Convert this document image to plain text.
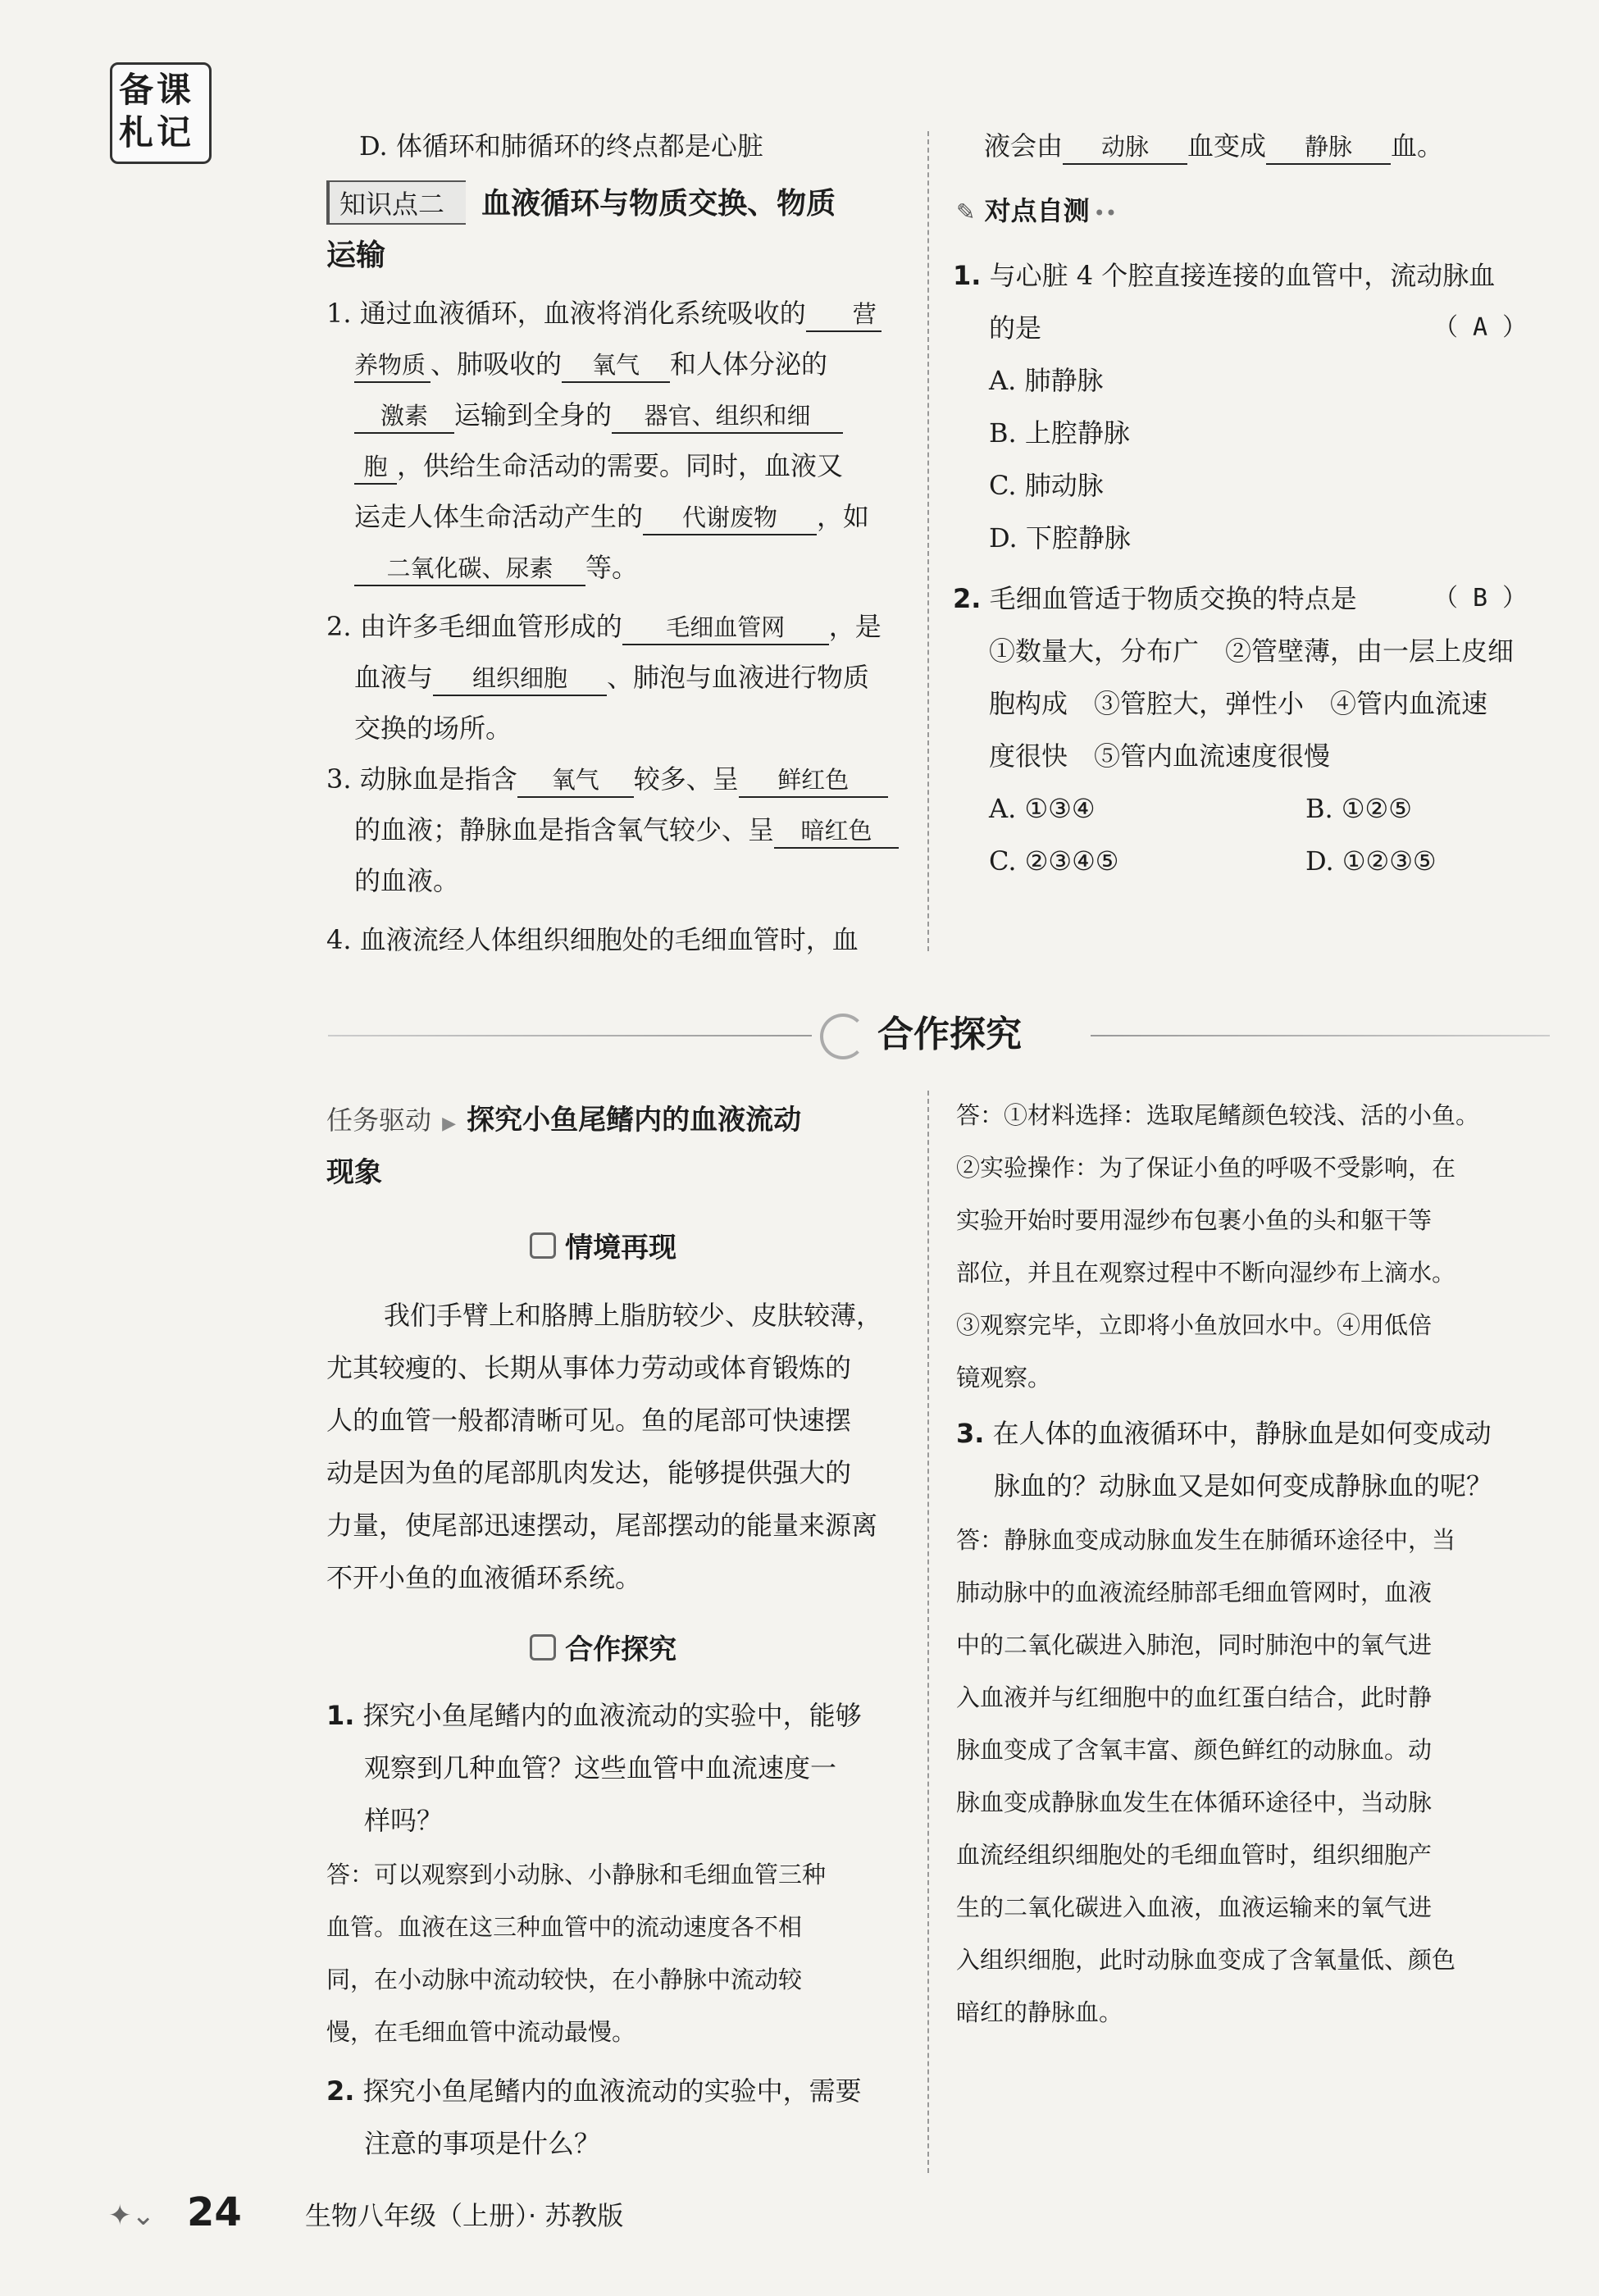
备课
札记	D. 体循环和肺循环的终点都是心脏
知识点二 血液循环与物质交换、物质
运输
1. 通过血液循环，血液将消化系统吸收的 营
养物质 、肺吸收的 氧气 和人体分泌的
激素 运输到全身的 器官、组织和细
胞 ，供给生命活动的需要。同时，血液又
运走人体生命活动产生的 代谢废物 ，如
二氧化碳、尿素 等。
2. 由许多毛细血管形成的 毛细血管网 ，是
血液与 组织细胞 、肺泡与血液进行物质
交换的场所。
3. 动脉血是指含 氧气 较多、呈 鲜红色
的血液；静脉血是指含氧气较少、呈 暗红色
的血液。
4. 血液流经人体组织细胞处的毛细血管时，血
液会由 动脉 血变成 静脉 血。
✎ 对点自测 ••
1. 与心脏 4 个腔直接连接的血管中，流动脉血
的是	（ A ）
A. 肺静脉
B. 上腔静脉
C. 肺动脉
D. 下腔静脉
2. 毛细血管适于物质交换的特点是	（ B ）
①数量大，分布广　②管壁薄，由一层上皮细
胞构成　③管腔大，弹性小　④管内血流速
度很快　⑤管内血流速度很慢
A. ①③④	B. ①②⑤
C. ②③④⑤	D. ①②③⑤
合作探究
任务驱动 ▶ 探究小鱼尾鳍内的血液流动
现象
情境再现
我们手臂上和胳膊上脂肪较少、皮肤较薄，
尤其较瘦的、长期从事体力劳动或体育锻炼的
人的血管一般都清晰可见。鱼的尾部可快速摆
动是因为鱼的尾部肌肉发达，能够提供强大的
力量，使尾部迅速摆动，尾部摆动的能量来源离
不开小鱼的血液循环系统。
合作探究
1. 探究小鱼尾鳍内的血液流动的实验中，能够
观察到几种血管？这些血管中血流速度一
样吗？
答：可以观察到小动脉、小静脉和毛细血管三种
血管。血液在这三种血管中的流动速度各不相
同，在小动脉中流动较快，在小静脉中流动较
慢，在毛细血管中流动最慢。
2. 探究小鱼尾鳍内的血液流动的实验中，需要
注意的事项是什么？
答：①材料选择：选取尾鳍颜色较浅、活的小鱼。
②实验操作：为了保证小鱼的呼吸不受影响，在
实验开始时要用湿纱布包裹小鱼的头和躯干等
部位，并且在观察过程中不断向湿纱布上滴水。
③观察完毕，立即将小鱼放回水中。④用低倍
镜观察。
3. 在人体的血液循环中，静脉血是如何变成动
脉血的？动脉血又是如何变成静脉血的呢？
答：静脉血变成动脉血发生在肺循环途径中，当
肺动脉中的血液流经肺部毛细血管网时，血液
中的二氧化碳进入肺泡，同时肺泡中的氧气进
入血液并与红细胞中的血红蛋白结合，此时静
脉血变成了含氧丰富、颜色鲜红的动脉血。动
脉血变成静脉血发生在体循环途径中，当动脉
血流经组织细胞处的毛细血管时，组织细胞产
生的二氧化碳进入血液，血液运输来的氧气进
入组织细胞，此时动脉血变成了含氧量低、颜色
暗红的静脉血。
✦⌄ 24 生物八年级（上册）· 苏教版
